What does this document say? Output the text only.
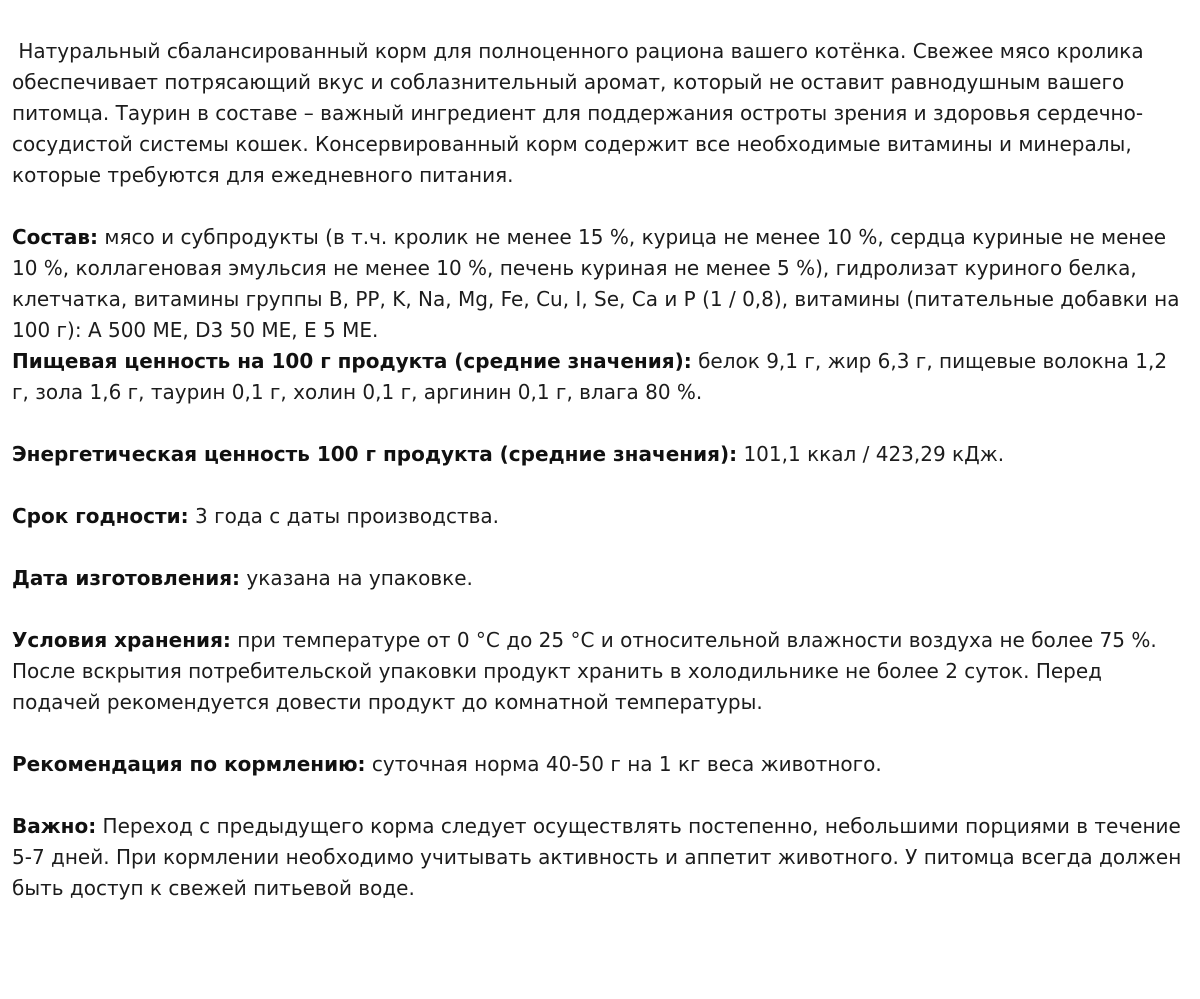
Натуральный сбалансированный корм для полноценного рациона вашего котёнка. Свежее мясо кролика обеспечивает потрясающий вкус и соблазнительный аромат, который не оставит равнодушным вашего питомца. Таурин в составе – важный ингредиент для поддержания остроты зрения и здоровья сердечно-сосудистой системы кошек. Консервированный корм содержит все необходимые витамины и минералы, которые требуются для ежедневного питания.

Состав: мясо и субпродукты (в т.ч. кролик не менее 15 %, курица не менее 10 %, сердца куриные не менее 10 %, коллагеновая эмульсия не менее 10 %, печень куриная не менее 5 %), гидролизат куриного белка, клетчатка, витамины группы B, PP, K, Na, Mg, Fe, Cu, I, Se, Ca и P (1 / 0,8), витамины (питательные добавки на 100 г): A 500 МЕ, D3 50 МЕ, E 5 МЕ.

Пищевая ценность на 100 г продукта (средние значения): белок 9,1 г, жир 6,3 г, пищевые волокна 1,2 г, зола 1,6 г, таурин 0,1 г, холин 0,1 г, аргинин 0,1 г, влага 80 %.

Энергетическая ценность 100 г продукта (средние значения): 101,1 ккал / 423,29 кДж.

Срок годности: 3 года с даты производства.

Дата изготовления: указана на упаковке.

Условия хранения: при температуре от 0 °С до 25 °С и относительной влажности воздуха не более 75 %. После вскрытия потребительской упаковки продукт хранить в холодильнике не более 2 суток. Перед подачей рекомендуется довести продукт до комнатной температуры.

Рекомендация по кормлению: суточная норма 40-50 г на 1 кг веса животного.

Важно: Переход с предыдущего корма следует осуществлять постепенно, небольшими порциями в течение 5-7 дней. При кормлении необходимо учитывать активность и аппетит животного. У питомца всегда должен быть доступ к свежей питьевой воде.
